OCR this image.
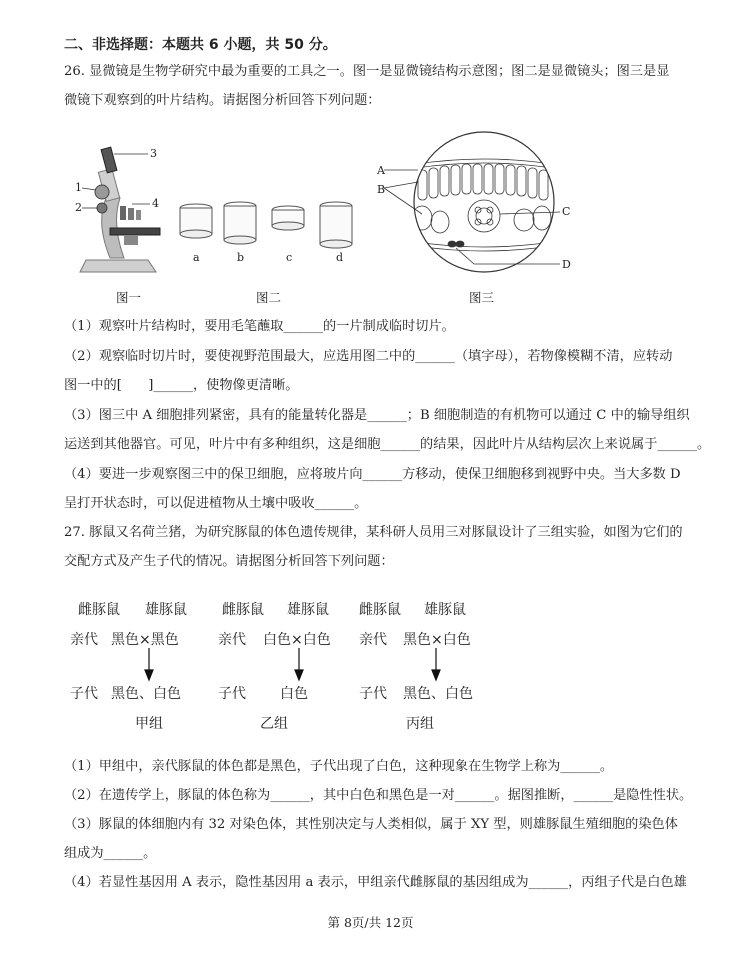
二、非选择题：本题共 6 小题，共 50 分。
26. 显微镜是生物学研究中最为重要的工具之一。图一是显微镜结构示意图；图二是显微镜头；图三是显
微镜下观察到的叶片结构。请据图分析回答下列问题：
1
2
3
4
a	b	c	d
A
B
C
D
图一	图二	图三
（1）观察叶片结构时，要用毛笔蘸取______的一片制成临时切片。
（2）观察临时切片时，要使视野范围最大，应选用图二中的______（填字母），若物像模糊不清，应转动
图一中的[　　]______，使物像更清晰。
（3）图三中 A 细胞排列紧密，具有的能量转化器是______；B 细胞制造的有机物可以通过 C 中的输导组织
运送到其他器官。可见，叶片中有多种组织，这是细胞______的结果，因此叶片从结构层次上来说属于______。
（4）要进一步观察图三中的保卫细胞，应将玻片向______方移动，使保卫细胞移到视野中央。当大多数 D
呈打开状态时，可以促进植物从土壤中吸收______。
27. 豚鼠又名荷兰猪，为研究豚鼠的体色遗传规律，某科研人员用三对豚鼠设计了三组实验，如图为它们的
交配方式及产生子代的情况。请据图分析回答下列问题：
雌豚鼠 雄豚鼠
亲代 黑色×黑色
子代 黑色、白色
甲组
雌豚鼠 雄豚鼠
亲代 白色×白色
子代 白色
乙组
雌豚鼠 雄豚鼠
亲代 黑色×白色
子代 黑色、白色
丙组
（1）甲组中，亲代豚鼠的体色都是黑色，子代出现了白色，这种现象在生物学上称为______。
（2）在遗传学上，豚鼠的体色称为______，其中白色和黑色是一对______。据图推断，______是隐性性状。
（3）豚鼠的体细胞内有 32 对染色体，其性别决定与人类相似，属于 XY 型，则雄豚鼠生殖细胞的染色体
组成为______。
（4）若显性基因用 A 表示，隐性基因用 a 表示，甲组亲代雌豚鼠的基因组成为______，丙组子代是白色雄
第 8页/共 12页
